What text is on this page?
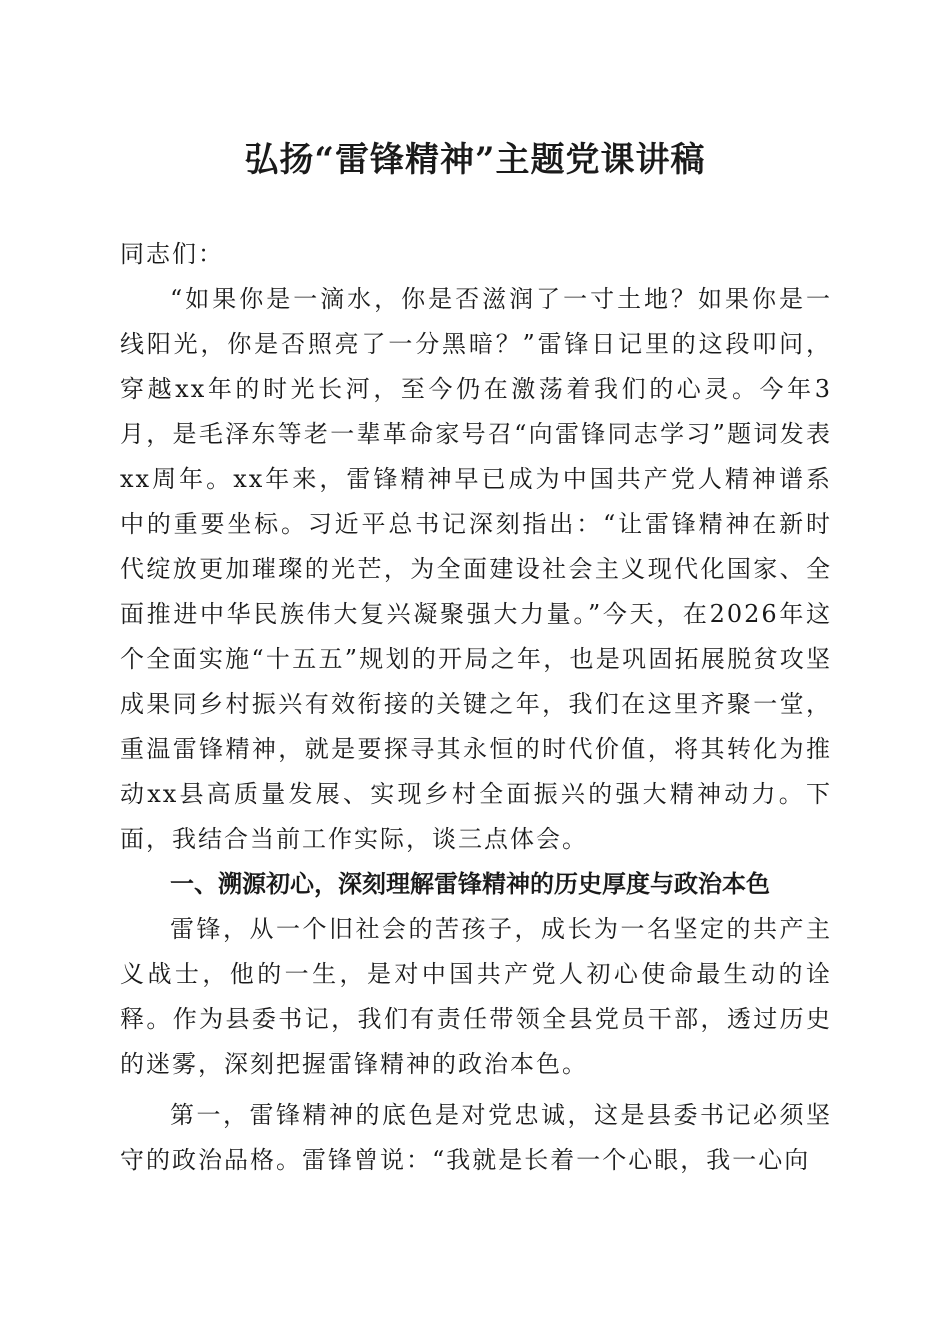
弘扬“雷锋精神”主题党课讲稿

同志们：

“如果你是一滴水，你是否滋润了一寸土地？如果你是一线阳光，你是否照亮了一分黑暗？”雷锋日记里的这段叩问，穿越xx年的时光长河，至今仍在激荡着我们的心灵。今年3月，是毛泽东等老一辈革命家号召“向雷锋同志学习”题词发表xx周年。xx年来，雷锋精神早已成为中国共产党人精神谱系中的重要坐标。习近平总书记深刻指出：“让雷锋精神在新时代绽放更加璀璨的光芒，为全面建设社会主义现代化国家、全面推进中华民族伟大复兴凝聚强大力量。”今天，在2026年这个全面实施“十五五”规划的开局之年，也是巩固拓展脱贫攻坚成果同乡村振兴有效衔接的关键之年，我们在这里齐聚一堂，重温雷锋精神，就是要探寻其永恒的时代价值，将其转化为推动xx县高质量发展、实现乡村全面振兴的强大精神动力。下面，我结合当前工作实际，谈三点体会。

一、溯源初心，深刻理解雷锋精神的历史厚度与政治本色

雷锋，从一个旧社会的苦孩子，成长为一名坚定的共产主义战士，他的一生，是对中国共产党人初心使命最生动的诠释。作为县委书记，我们有责任带领全县党员干部，透过历史的迷雾，深刻把握雷锋精神的政治本色。

第一，雷锋精神的底色是对党忠诚，这是县委书记必须坚守的政治品格。雷锋曾说：“我就是长着一个心眼，我一心向
